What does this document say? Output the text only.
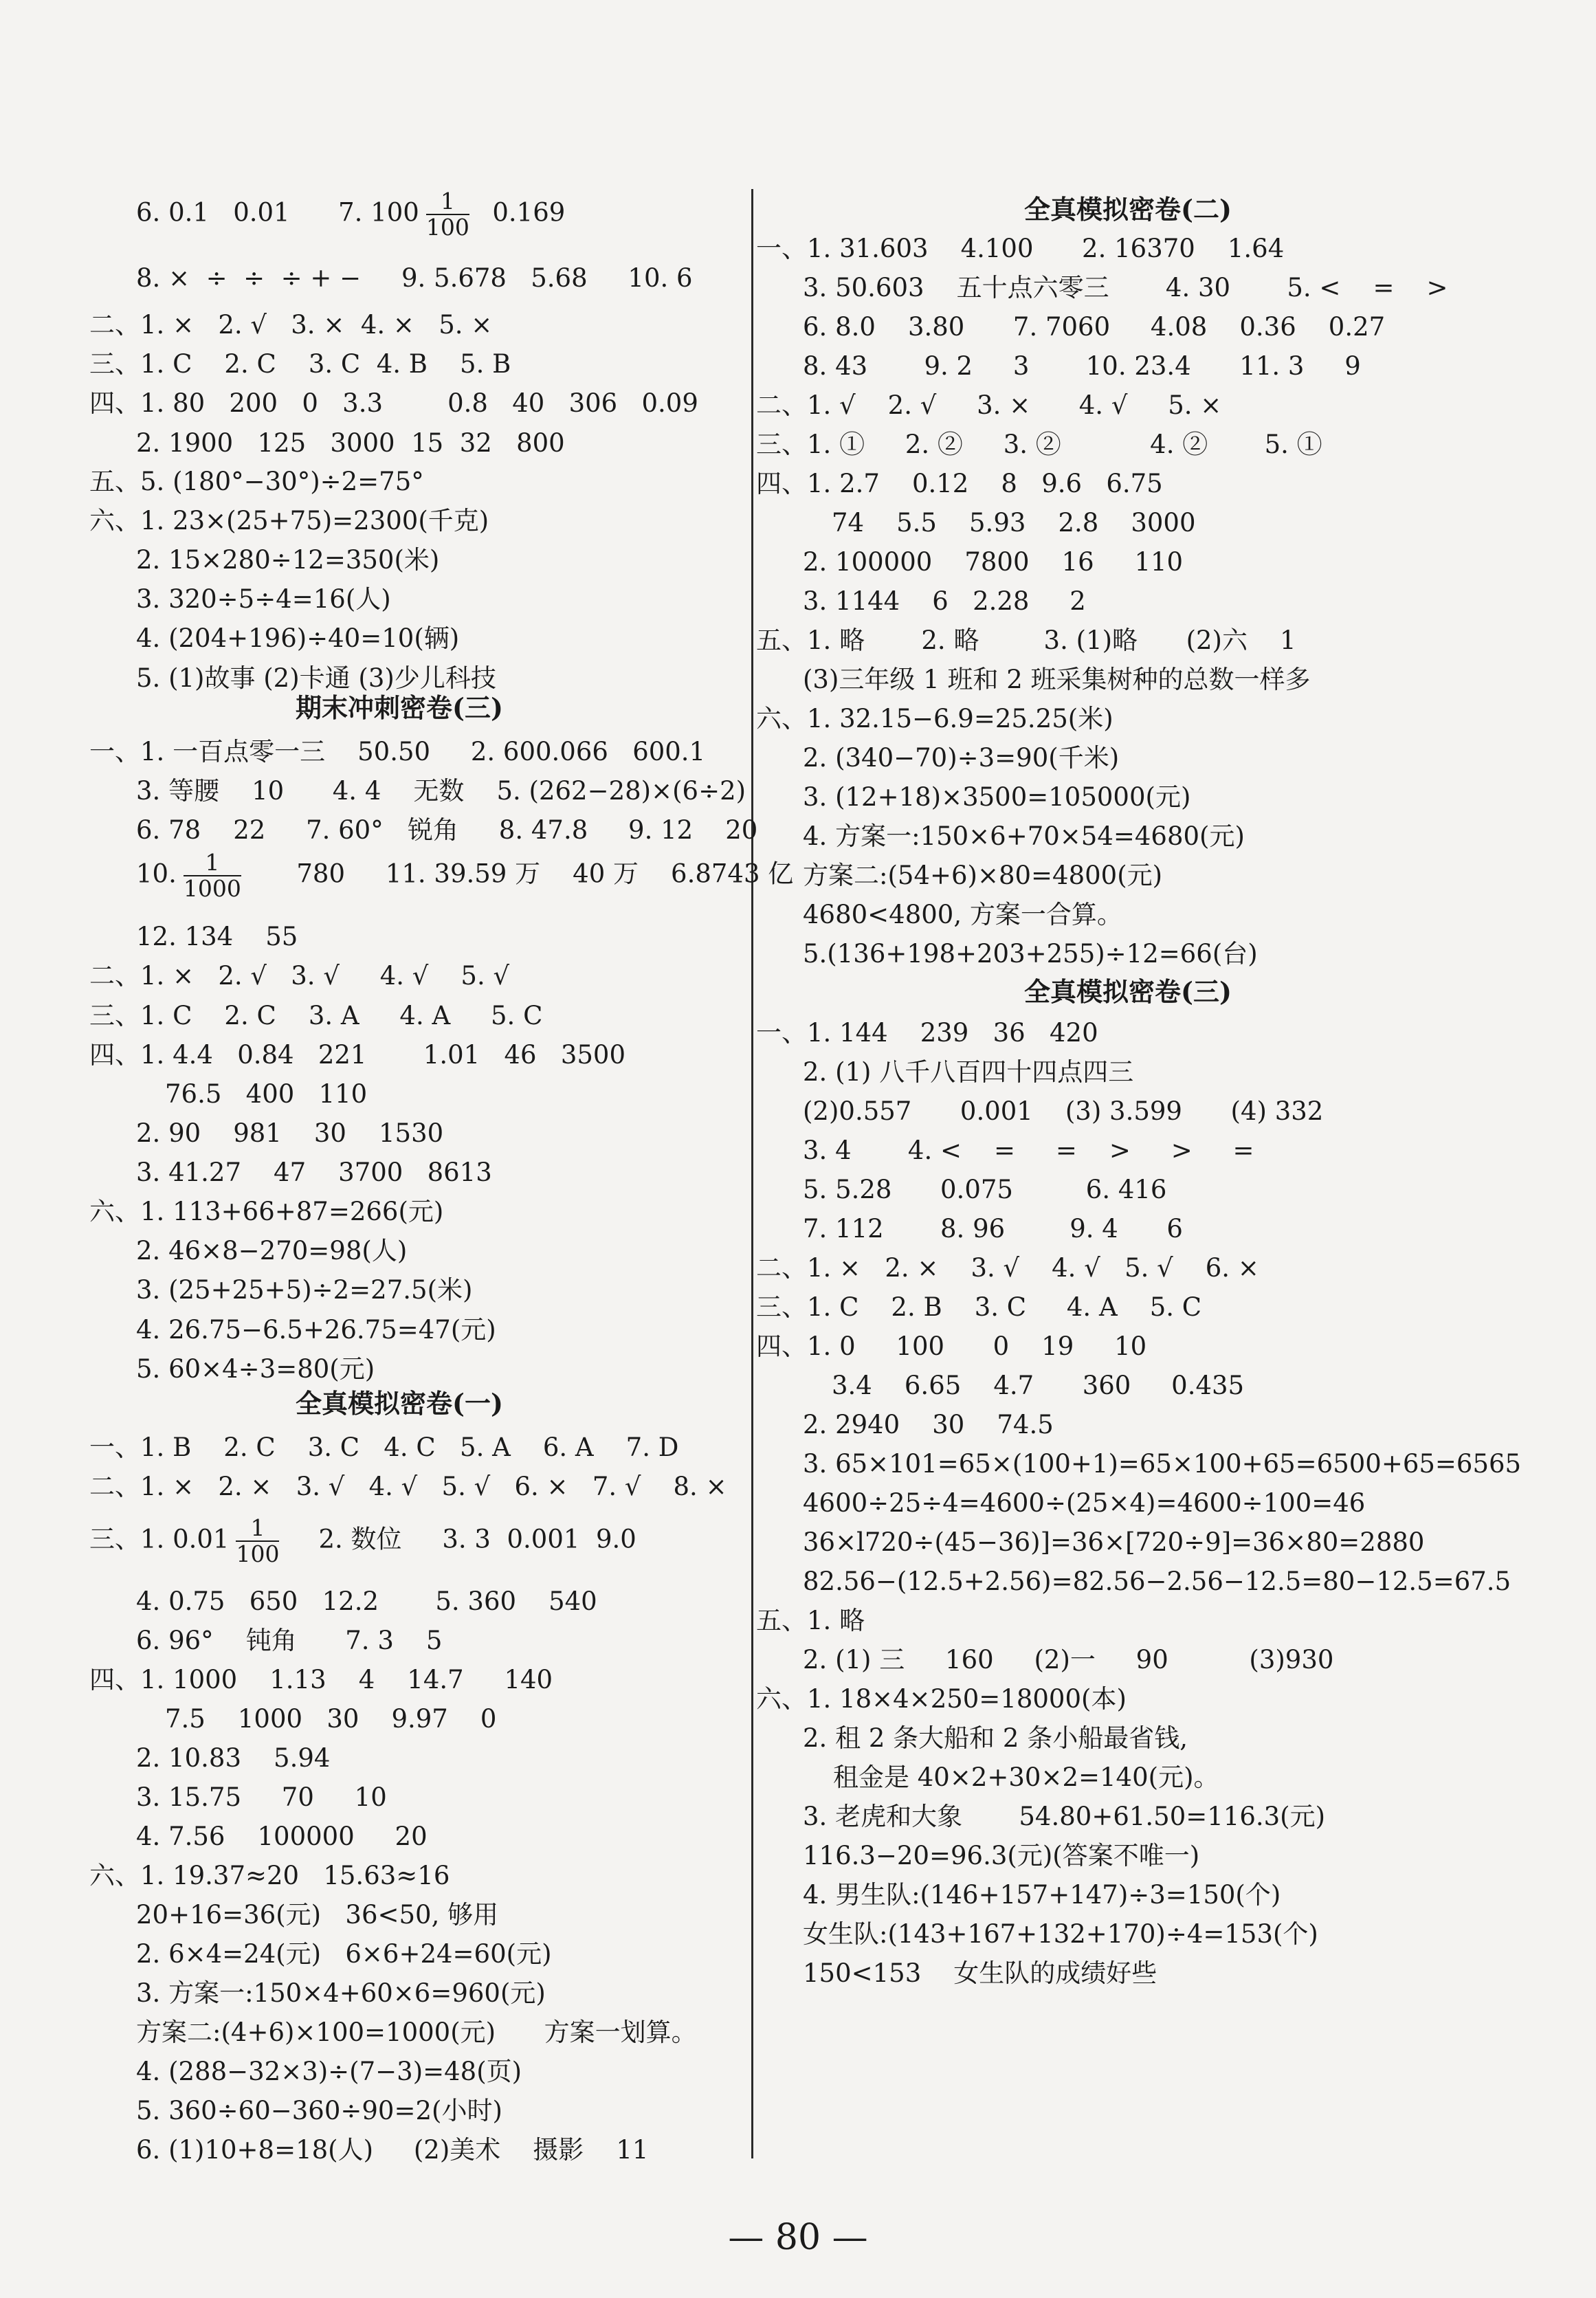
6. 0.1   0.01      7. $100 \frac{1}{100} 0.169$
8. ×  ÷  ÷  ÷ + −     9. 5.678   5.68     10. 6
二、1. ×   2. √   3. ×  4. ×   5. ×
三、1. C    2. C    3. C  4. B    5. B
四、1. 80   200   0   3.3        0.8   40   306   0.09
2. 1900   125   3000  15  32   800
五、5. (180°−30°)÷2=75°
六、1. 23×(25+75)=2300(千克)
2. 15×280÷12=350(米)
3. 320÷5÷4=16(人)
4. (204+196)÷40=10(辆)
5. (1)故事 (2)卡通 (3)少儿科技
期末冲刺密卷(三)
一、1. 一百点零一三    50.50     2. 600.066   600.1
3. 等腰    10      4. 4    无数    5. (262−28)×(6÷2)
6. 78    22     7. 60°   锐角     8. 47.8     9. 12    20
10. $\frac{1}{1000} 780$     11. 39.59 万    40 万    6.8743 亿
12. 134    55
二、1. ×   2. √   3. √     4. √    5. √
三、1. C    2. C    3. A     4. A     5. C
四、1. 4.4   0.84   221       1.01   46   3500
76.5   400   110
2. 90    981    30    1530
3. 41.27    47    3700   8613
六、1. 113+66+87=266(元)
2. 46×8−270=98(人)
3. (25+25+5)÷2=27.5(米)
4. 26.75−6.5+26.75=47(元)
5. 60×4÷3=80(元)
全真模拟密卷(一)
一、1. B    2. C    3. C   4. C   5. A    6. A    7. D
二、1. ×   2. ×   3. √   4. √   5. √   6. ×   7. √    8. ×
三、1. $0.01 \frac{1}{100} 2$. 数位     3. 3  0.001  9.0
4. 0.75   650   12.2       5. 360    540
6. 96°    钝角      7. 3    5
四、1. 1000    1.13    4    14.7     140
7.5    1000   30    9.97    0
2. 10.83    5.94
3. 15.75     70     10
4. 7.56    100000     20
六、1. 19.37≈20   15.63≈16
20+16=36(元)   36<50, 够用
2. 6×4=24(元)   6×6+24=60(元)
3. 方案一:150×4+60×6=960(元)
方案二:(4+6)×100=1000(元)      方案一划算。
4. (288−32×3)÷(7−3)=48(页)
5. 360÷60−360÷90=2(小时)
6. (1)10+8=18(人)     (2)美术    摄影    11
全真模拟密卷(二)
一、1. 31.603    4.100      2. 16370    1.64
3. 50.603    五十点六零三       4. 30       5. <    =    >
6. 8.0    3.80      7. 7060     4.08    0.36    0.27
8. 43       9. 2     3       10. 23.4      11. 3     9
二、1. √    2. √     3. ×      4. √     5. ×
三、1. ①     2. ②     3. ②           4. ②       5. ①
四、1. 2.7    0.12    8   9.6   6.75
74    5.5    5.93    2.8    3000
2. 100000    7800    16     110
3. 1144    6   2.28     2
五、1. 略       2. 略        3. (1)略      (2)六    1
(3)三年级 1 班和 2 班采集树种的总数一样多
六、1. 32.15−6.9=25.25(米)
2. (340−70)÷3=90(千米)
3. (12+18)×3500=105000(元)
4. 方案一:150×6+70×54=4680(元)
方案二:(54+6)×80=4800(元)
4680<4800, 方案一合算。
5.(136+198+203+255)÷12=66(台)
全真模拟密卷(三)
一、1. 144    239   36   420
2. (1) 八千八百四十四点四三
(2)0.557      0.001    (3) 3.599      (4) 332
3. 4       4. <    =     =    >     >     =
5. 5.28      0.075         6. 416
7. 112       8. 96        9. 4      6
二、1. ×   2. ×    3. √    4. √   5. √    6. ×
三、1. C    2. B    3. C     4. A    5. C
四、1. 0     100      0    19     10
3.4    6.65    4.7      360     0.435
2. 2940    30    74.5
3. 65×101=65×(100+1)=65×100+65=6500+65=6565
4600÷25÷4=4600÷(25×4)=4600÷100=46
36×l720÷(45−36)]=36×[720÷9]=36×80=2880
82.56−(12.5+2.56)=82.56−2.56−12.5=80−12.5=67.5
五、1. 略
2. (1) 三     160     (2)一     90          (3)930
六、1. 18×4×250=18000(本)
2. 租 2 条大船和 2 条小船最省钱,
租金是 40×2+30×2=140(元)。
3. 老虎和大象       54.80+61.50=116.3(元)
116.3−20=96.3(元)(答案不唯一)
4. 男生队:(146+157+147)÷3=150(个)
女生队:(143+167+132+170)÷4=153(个)
150<153    女生队的成绩好些
— 80 —
